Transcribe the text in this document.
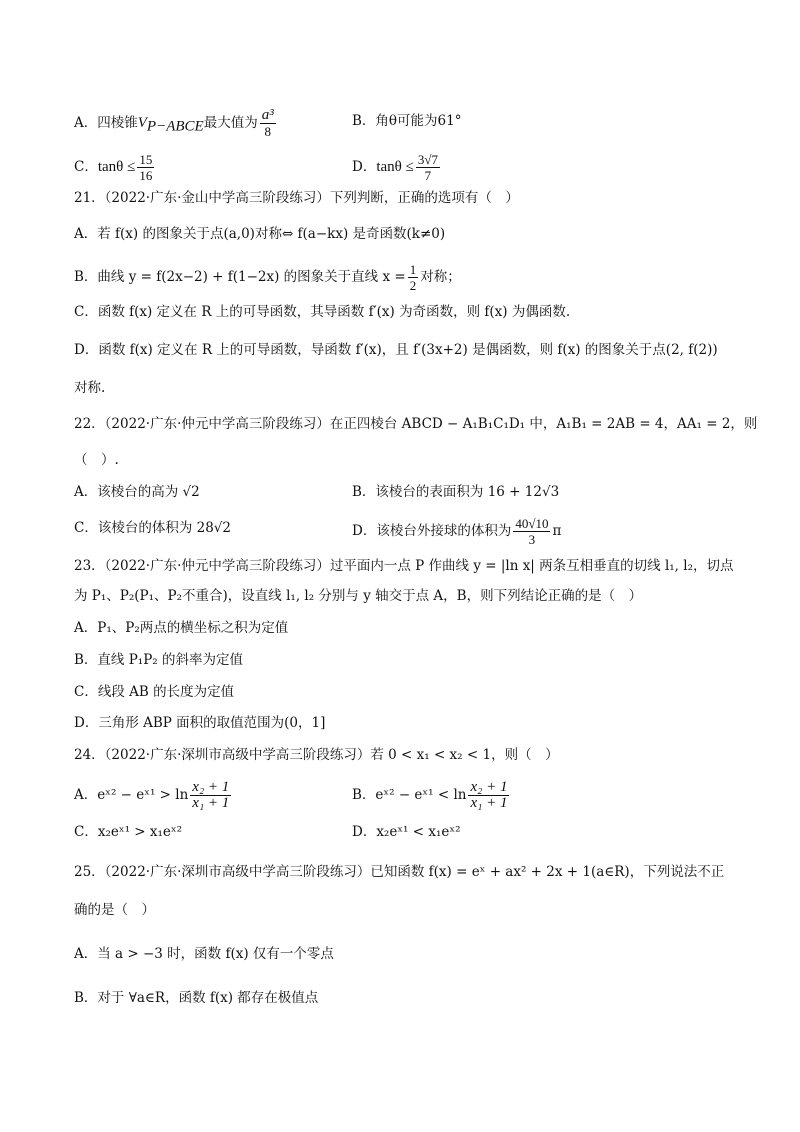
A．四棱锥$V_{P-ABCE}$最大值为 $\frac{\text{a³}}{8}$	B．角θ可能为61°
C．$\tan\theta \le \frac{15}{16}$	D．$\tan\theta \le \frac{3√7}{7}$
21．（2022·广东·金山中学高三阶段练习）下列判断，正确的选项有（　）
A．若 f(x) 的图象关于点(a,0)对称⇔ f(a−kx) 是奇函数(k≠0)
B．曲线 y = f(2x−2) + f(1−2x) 的图象关于直线 $x = \frac{1}{2}$ 对称；
C．函数 f(x) 定义在 R 上的可导函数，其导函数 f′(x) 为奇函数，则 f(x) 为偶函数.
D．函数 f(x) 定义在 R 上的可导函数，导函数 f′(x)，且 f′(3x+2) 是偶函数，则 f(x) 的图象关于点(2, f(2))
对称.
22．（2022·广东·仲元中学高三阶段练习）在正四棱台 ABCD − A₁B₁C₁D₁ 中，A₁B₁ = 2AB = 4，AA₁ = 2，则
（　）.
A．该棱台的高为 √2	B．该棱台的表面积为 16 + 12√3
C．该棱台的体积为 28√2	D．该棱台外接球的体积为 $\frac{40√10}{3}$ π
23．（2022·广东·仲元中学高三阶段练习）过平面内一点 P 作曲线 y = |ln x| 两条互相垂直的切线 l₁, l₂，切点
为 P₁、P₂(P₁、P₂不重合)，设直线 l₁, l₂ 分别与 y 轴交于点 A，B，则下列结论正确的是（　）
A．P₁、P₂两点的横坐标之积为定值
B．直线 P₁P₂ 的斜率为定值
C．线段 AB 的长度为定值
D．三角形 ABP 面积的取值范围为(0，1]
24．（2022·广东·深圳市高级中学高三阶段练习）若 0 < x₁ < x₂ < 1，则（　）
A．eˣ² − eˣ¹ > $\ln \frac{\text{x₂ + 1}}{\text{x₁ + 1}}$	B．eˣ² − eˣ¹ < $\ln \frac{\text{x₂ + 1}}{\text{x₁ + 1}}$
C．x₂eˣ¹ > x₁eˣ²	D．x₂eˣ¹ < x₁eˣ²
25．（2022·广东·深圳市高级中学高三阶段练习）已知函数 f(x) = eˣ + ax² + 2x + 1(a∈R)，下列说法不正
确的是（　）
A．当 a > −3 时，函数 f(x) 仅有一个零点
B．对于 ∀a∈R，函数 f(x) 都存在极值点
